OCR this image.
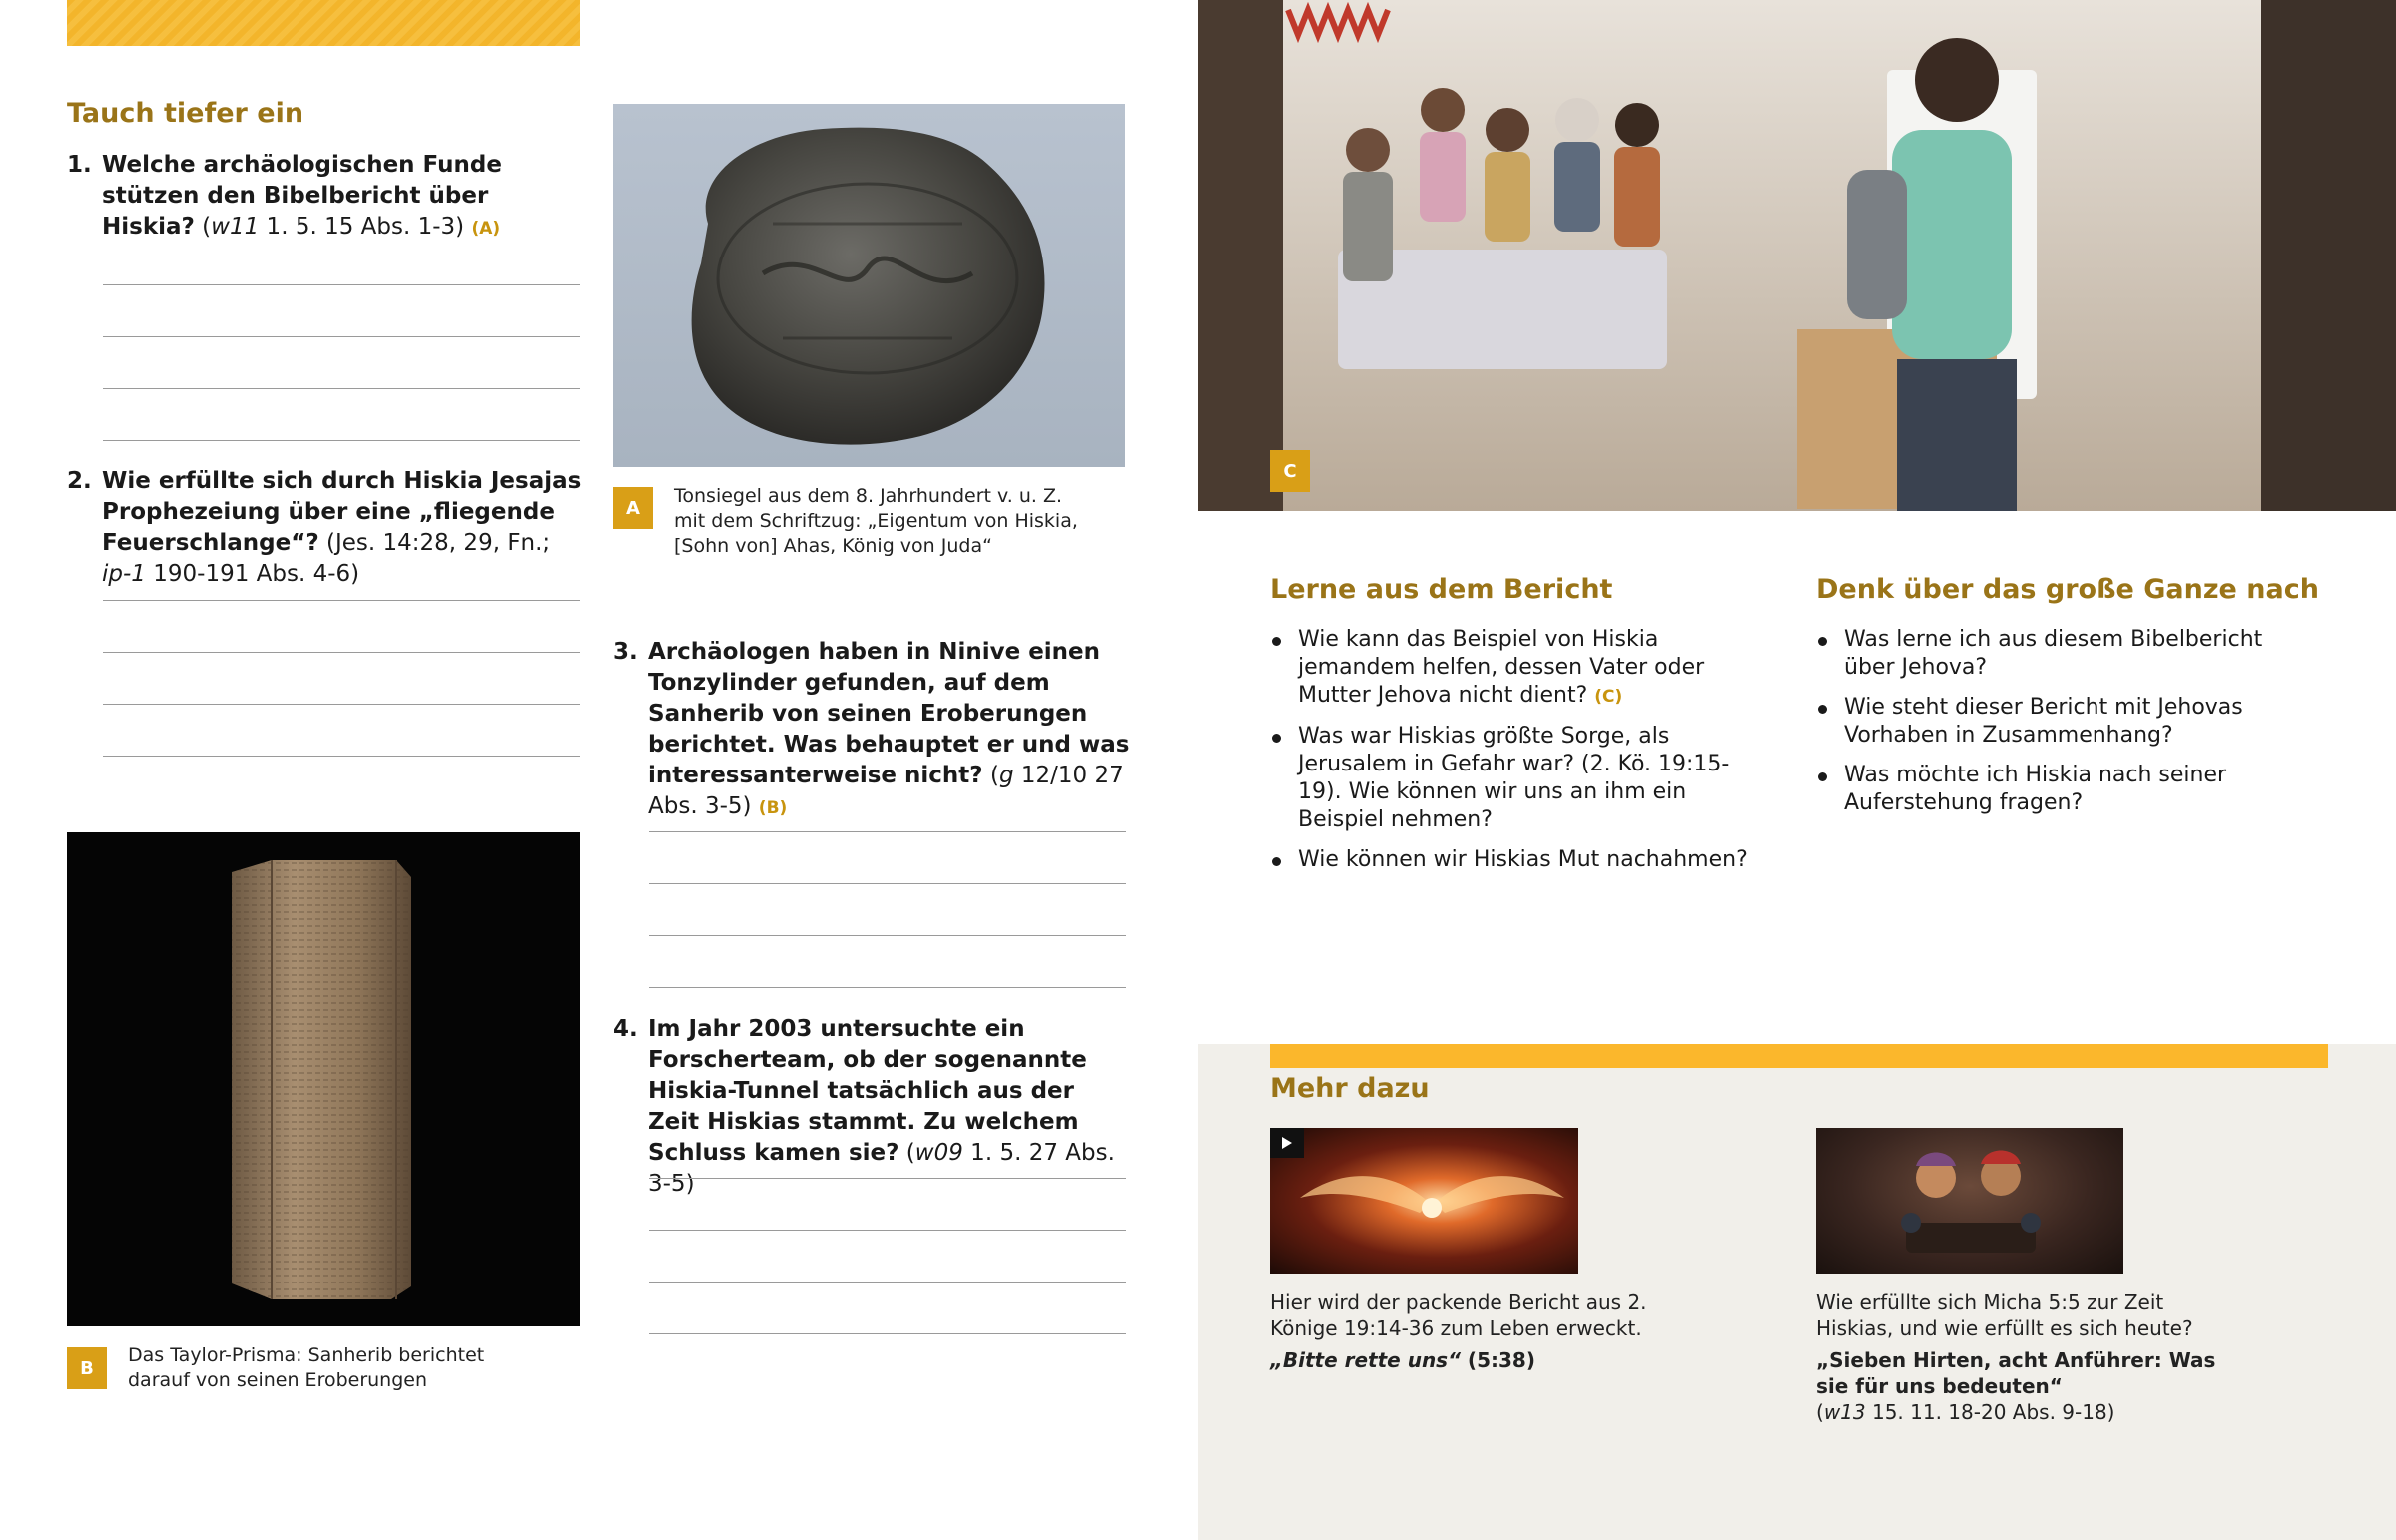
Tauch tiefer ein
1. Welche archäologischen Funde stützen den Bibelbericht über Hiskia? (w11 1. 5. 15 Abs. 1-3) (A)
2. Wie erfüllte sich durch Hiskia Jesajas Prophezeiung über eine „fliegende Feuerschlange“? (Jes. 14:28, 29, Fn.; ip-1 190-191 Abs. 4-6)
A
Tonsiegel aus dem 8. Jahrhundert v. u. Z. mit dem Schriftzug: „Eigentum von Hiskia, [Sohn von] Ahas, König von Juda“
3. Archäologen haben in Ninive einen Tonzylinder gefunden, auf dem Sanherib von seinen Eroberungen berichtet. Was behauptet er und was interessanterweise nicht? (g 12/10 27 Abs. 3-5) (B)
4. Im Jahr 2003 untersuchte ein Forscherteam, ob der sogenannte Hiskia-Tunnel tatsächlich aus der Zeit Hiskias stammt. Zu welchem Schluss kamen sie? (w09 1. 5. 27 Abs. 3-5)
B
Das Taylor-Prisma: Sanherib berichtet darauf von seinen Eroberungen
C
Lerne aus dem Bericht
Wie kann das Beispiel von Hiskia jemandem helfen, dessen Vater oder Mutter Jehova nicht dient? (C)
Was war Hiskias größte Sorge, als Jerusalem in Gefahr war? (2. Kö. 19:15-19). Wie können wir uns an ihm ein Beispiel nehmen?
Wie können wir Hiskias Mut nachahmen?
Denk über das große Ganze nach
Was lerne ich aus diesem Bibelbericht über Jehova?
Wie steht dieser Bericht mit Jehovas Vorhaben in Zusammenhang?
Was möchte ich Hiskia nach seiner Auferstehung fragen?
Mehr dazu
Hier wird der packende Bericht aus 2. Könige 19:14-36 zum Leben erweckt.
„Bitte rette uns“ (5:38)
Wie erfüllte sich Micha 5:5 zur Zeit Hiskias, und wie erfüllt es sich heute?
„Sieben Hirten, acht Anführer: Was sie für uns bedeuten“
(w13 15. 11. 18-20 Abs. 9-18)
